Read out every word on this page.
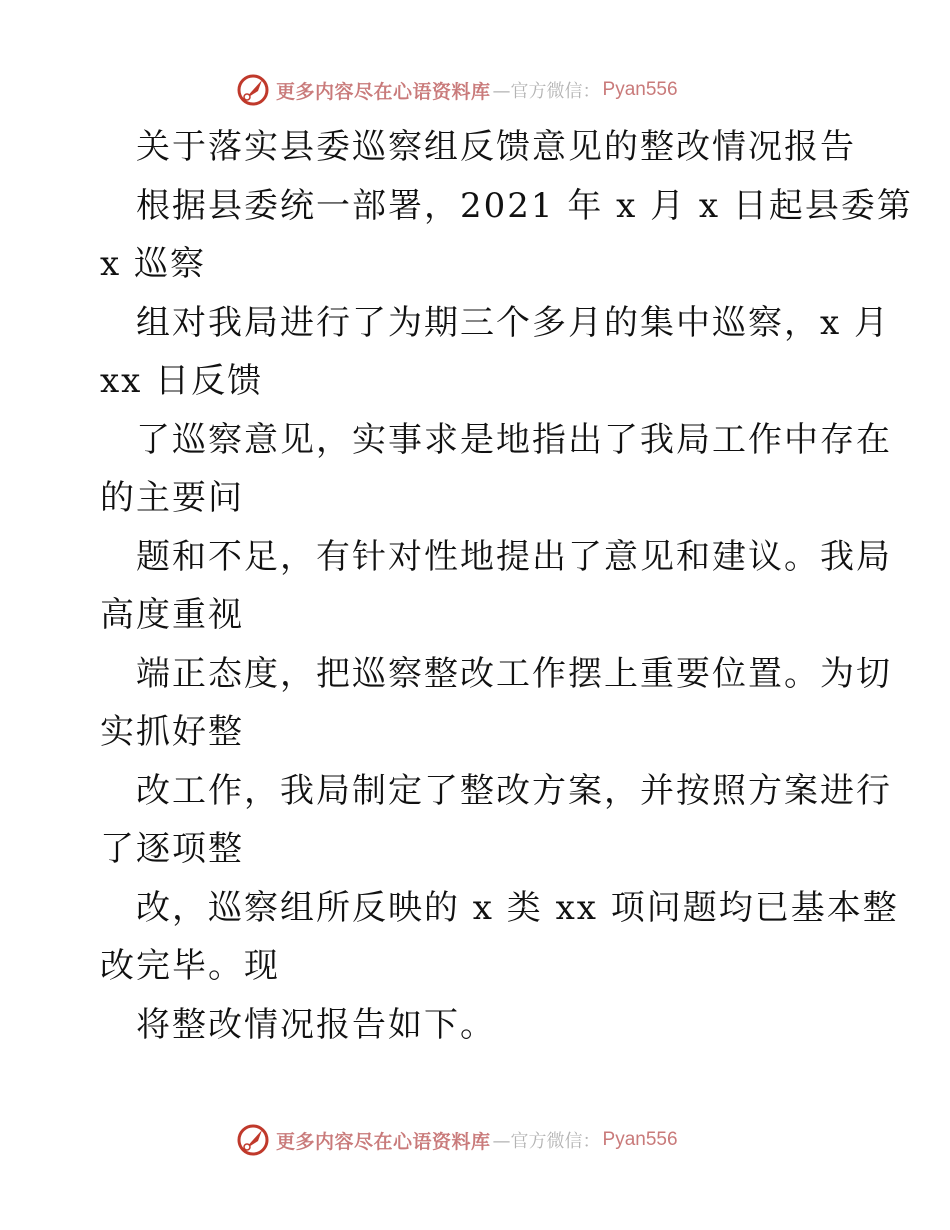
更多内容尽在心语资料库 —官方微信： Pyan556
关于落实县委巡察组反馈意见的整改情况报告
根据县委统一部署，2021 年 x 月 x 日起县委第
x 巡察
组对我局进行了为期三个多月的集中巡察，x 月
xx 日反馈
了巡察意见，实事求是地指出了我局工作中存在
的主要问
题和不足，有针对性地提出了意见和建议。我局
高度重视
端正态度，把巡察整改工作摆上重要位置。为切
实抓好整
改工作，我局制定了整改方案，并按照方案进行
了逐项整
改，巡察组所反映的 x 类 xx 项问题均已基本整
改完毕。现
将整改情况报告如下。
更多内容尽在心语资料库 —官方微信： Pyan556
